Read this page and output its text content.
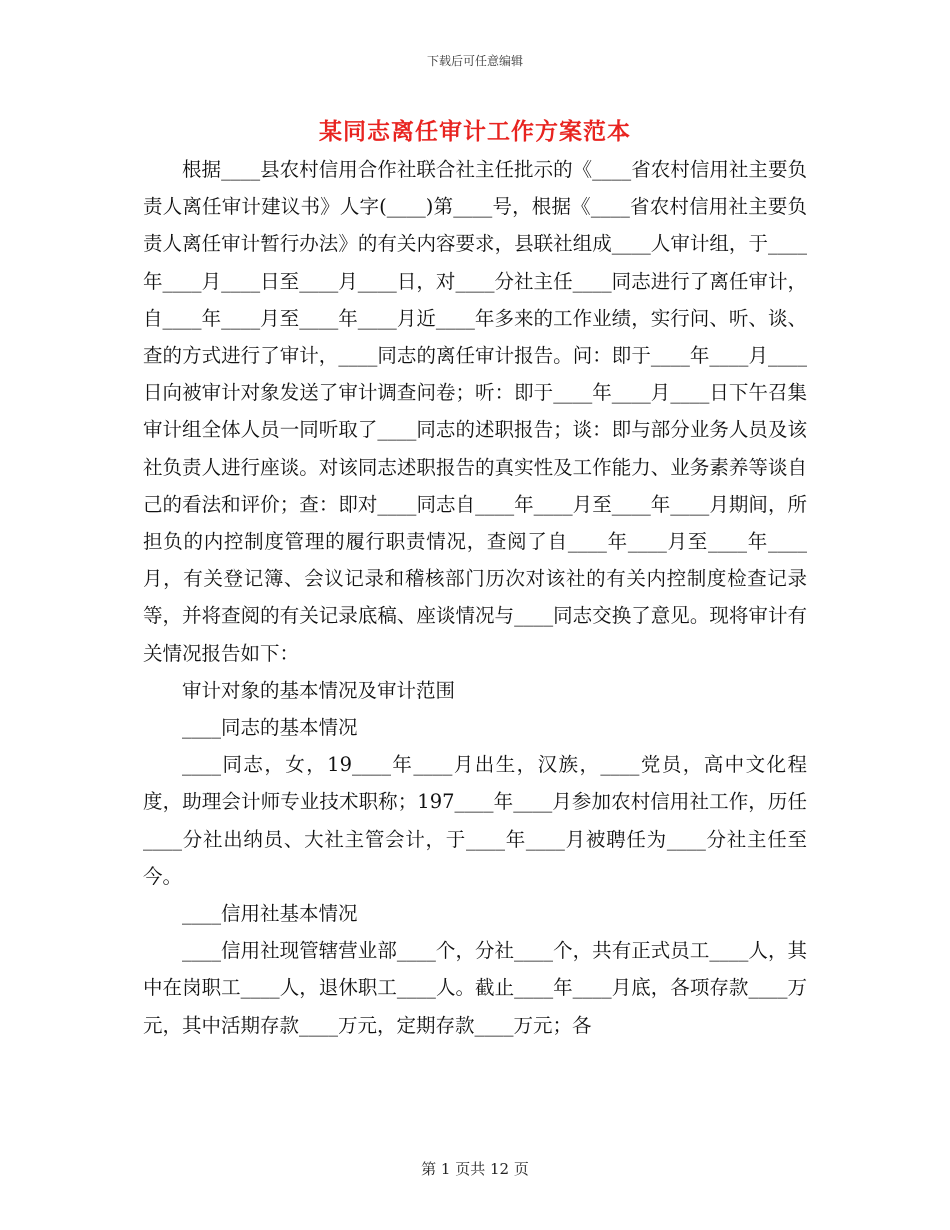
下载后可任意编辑
某同志离任审计工作方案范本

根据____县农村信用合作社联合社主任批示的《____省农村信用社主要负责人离任审计建议书》人字(____)第____号，根据《____省农村信用社主要负责人离任审计暂行办法》的有关内容要求，县联社组成____人审计组，于____年____月____日至____月____日，对____分社主任____同志进行了离任审计，自____年____月至____年____月近____年多来的工作业绩，实行问、听、谈、查的方式进行了审计，____同志的离任审计报告。问：即于____年____月____日向被审计对象发送了审计调查问卷；听：即于____年____月____日下午召集审计组全体人员一同听取了____同志的述职报告；谈：即与部分业务人员及该社负责人进行座谈。对该同志述职报告的真实性及工作能力、业务素养等谈自己的看法和评价；查：即对____同志自____年____月至____年____月期间，所担负的内控制度管理的履行职责情况，查阅了自____年____月至____年____月，有关登记簿、会议记录和稽核部门历次对该社的有关内控制度检查记录等，并将查阅的有关记录底稿、座谈情况与____同志交换了意见。现将审计有关情况报告如下：

审计对象的基本情况及审计范围

____同志的基本情况

____同志，女，19____年____月出生，汉族，____党员，高中文化程度，助理会计师专业技术职称；197____年____月参加农村信用社工作，历任____分社出纳员、大社主管会计，于____年____月被聘任为____分社主任至今。

____信用社基本情况

____信用社现管辖营业部____个，分社____个，共有正式员工____人，其中在岗职工____人，退休职工____人。截止____年____月底，各项存款____万元，其中活期存款____万元，定期存款____万元；各

第 1 页共 12 页
